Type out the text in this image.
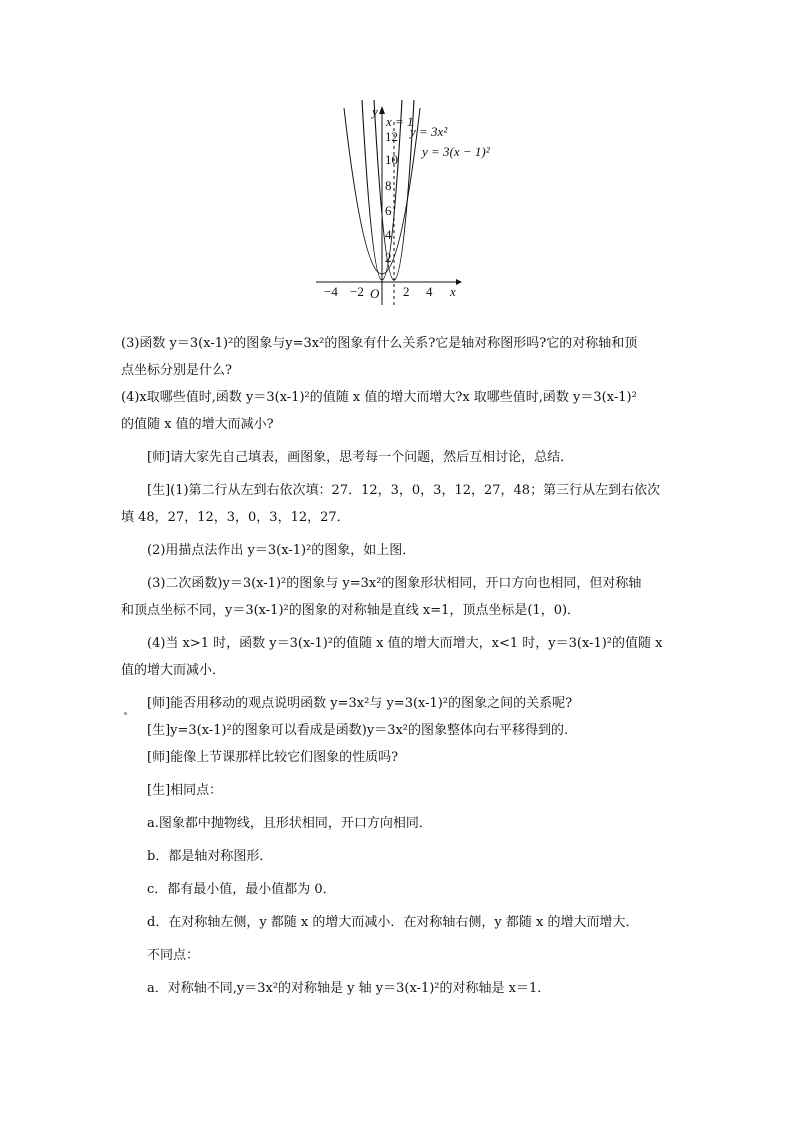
−4 −2	2 4 x
O
2
4
6
8
10
12
y
x = 1
y = 3x²
y = 3(x − 1)²

(3)函数 y＝3(x-1)²的图象与y=3x²的图象有什么关系?它是轴对称图形吗?它的对称轴和顶

点坐标分别是什么?

(4)x取哪些值时,函数 y＝3(x-1)²的值随 x 值的增大而增大?x 取哪些值时,函数 y＝3(x-1)²

的值随 x 值的增大而减小?

[师]请大家先自己填表，画图象，思考每一个问题，然后互相讨论，总结．

[生](1)第二行从左到右依次填：27．12，3，0，3，12，27，48；第三行从左到右依次

填 48，27，12，3，0，3，12，27．

(2)用描点法作出 y＝3(x-1)²的图象，如上图．

(3)二次函数)y＝3(x-1)²的图象与 y=3x²的图象形状相同，开口方向也相同，但对称轴

和顶点坐标不同，y＝3(x-1)²的图象的对称轴是直线 x=1，顶点坐标是(1，0)．

(4)当 x>1 时，函数 y＝3(x-1)²的值随 x 值的增大而增大，x<1 时，y＝3(x-1)²的值随 x

值的增大而减小．

[师]能否用移动的观点说明函数 y=3x²与 y=3(x-1)²的图象之间的关系呢?

[生]y=3(x-1)²的图象可以看成是函数)y＝3x²的图象整体向右平移得到的.

[师]能像上节课那样比较它们图象的性质吗?

[生]相同点：

a.图象都中抛物线，且形状相同，开口方向相同．

b．都是轴对称图形．

c．都有最小值，最小值都为 0．

d．在对称轴左侧，y 都随 x 的增大而减小．在对称轴右侧，y 都随 x 的增大而增大．

不同点：

a．对称轴不同,y＝3x²的对称轴是 y 轴 y＝3(x-1)²的对称轴是 x＝1．
